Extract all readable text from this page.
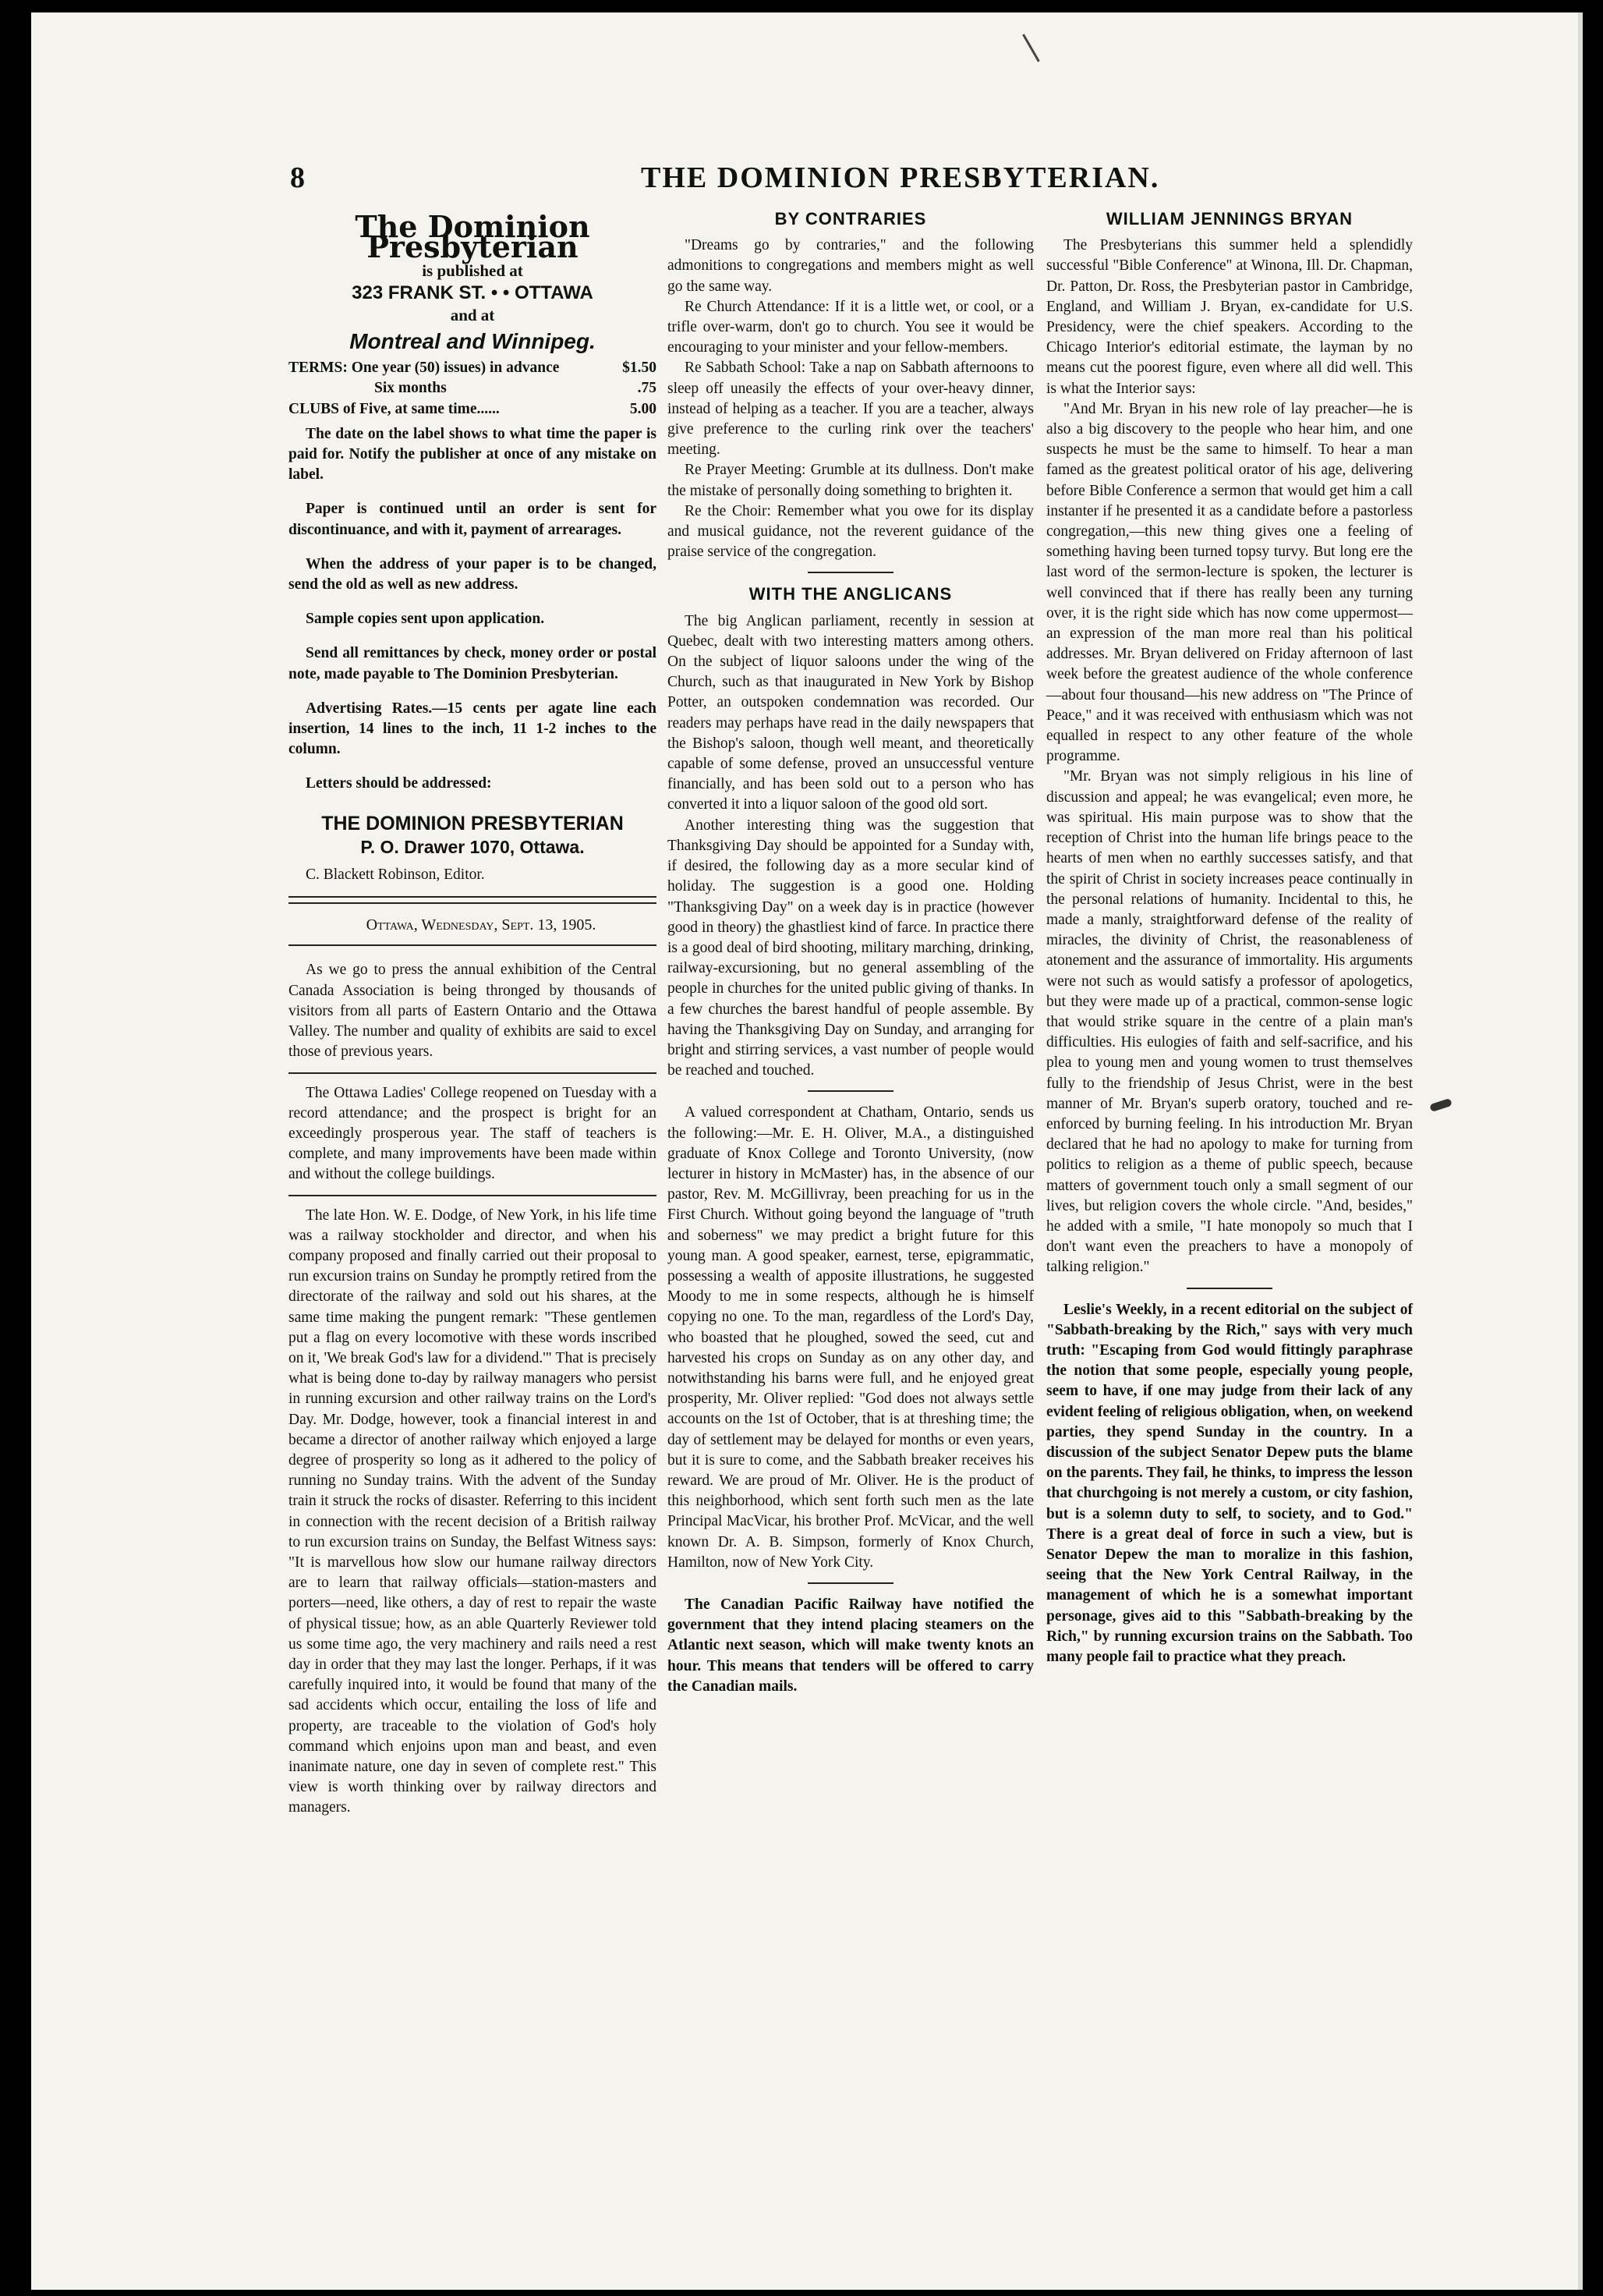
8	THE DOMINION PRESBYTERIAN.
The Dominion Presbyterian
is published at
323 FRANK ST. • • OTTAWA
and at
Montreal and Winnipeg.
TERMS: One year (50) issues) in advance	$1.50
Six months	.75
CLUBS of Five, at same time......	5.00

The date on the label shows to what time the paper is paid for. Notify the publisher at once of any mistake on label.

Paper is continued until an order is sent for discontinuance, and with it, payment of arrearages.

When the address of your paper is to be changed, send the old as well as new address.

Sample copies sent upon application.

Send all remittances by check, money order or postal note, made payable to The Dominion Presbyterian.

Advertising Rates.—15 cents per agate line each insertion, 14 lines to the inch, 11 1-2 inches to the column.

Letters should be addressed:

THE DOMINION PRESBYTERIAN
P. O. Drawer 1070, Ottawa.

C. Blackett Robinson, Editor.

Ottawa, Wednesday, Sept. 13, 1905.

As we go to press the annual exhibition of the Central Canada Association is being thronged by thousands of visitors from all parts of Eastern Ontario and the Ottawa Valley. The number and quality of exhibits are said to excel those of previous years.

The Ottawa Ladies' College reopened on Tuesday with a record attendance; and the prospect is bright for an exceedingly prosperous year. The staff of teachers is complete, and many improvements have been made within and without the college buildings.

The late Hon. W. E. Dodge, of New York, in his life time was a railway stockholder and director, and when his company proposed and finally carried out their proposal to run excursion trains on Sunday he promptly retired from the directorate of the railway and sold out his shares, at the same time making the pungent remark: "These gentlemen put a flag on every locomotive with these words inscribed on it, 'We break God's law for a dividend.'" That is precisely what is being done to-day by railway managers who persist in running excursion and other railway trains on the Lord's Day. Mr. Dodge, however, took a financial interest in and became a director of another railway which enjoyed a large degree of prosperity so long as it adhered to the policy of running no Sunday trains. With the advent of the Sunday train it struck the rocks of disaster. Referring to this incident in connection with the recent decision of a British railway to run excursion trains on Sunday, the Belfast Witness says: "It is marvellous how slow our humane railway directors are to learn that railway officials—station-masters and porters—need, like others, a day of rest to repair the waste of physical tissue; how, as an able Quarterly Reviewer told us some time ago, the very machinery and rails need a rest day in order that they may last the longer. Perhaps, if it was carefully inquired into, it would be found that many of the sad accidents which occur, entailing the loss of life and property, are traceable to the violation of God's holy command which enjoins upon man and beast, and even inanimate nature, one day in seven of complete rest." This view is worth thinking over by railway directors and managers.

BY CONTRARIES

"Dreams go by contraries," and the following admonitions to congregations and members might as well go the same way.

Re Church Attendance: If it is a little wet, or cool, or a trifle over-warm, don't go to church. You see it would be encouraging to your minister and your fellow-members.

Re Sabbath School: Take a nap on Sabbath afternoons to sleep off uneasily the effects of your over-heavy dinner, instead of helping as a teacher. If you are a teacher, always give preference to the curling rink over the teachers' meeting.

Re Prayer Meeting: Grumble at its dullness. Don't make the mistake of personally doing something to brighten it.

Re the Choir: Remember what you owe for its display and musical guidance, not the reverent guidance of the praise service of the congregation.

WITH THE ANGLICANS

The big Anglican parliament, recently in session at Quebec, dealt with two interesting matters among others. On the subject of liquor saloons under the wing of the Church, such as that inaugurated in New York by Bishop Potter, an outspoken condemnation was recorded. Our readers may perhaps have read in the daily newspapers that the Bishop's saloon, though well meant, and theoretically capable of some defense, proved an unsuccessful venture financially, and has been sold out to a person who has converted it into a liquor saloon of the good old sort.

Another interesting thing was the suggestion that Thanksgiving Day should be appointed for a Sunday with, if desired, the following day as a more secular kind of holiday. The suggestion is a good one. Holding "Thanksgiving Day" on a week day is in practice (however good in theory) the ghastliest kind of farce. In practice there is a good deal of bird shooting, military marching, drinking, railway-excursioning, but no general assembling of the people in churches for the united public giving of thanks. In a few churches the barest handful of people assemble. By having the Thanksgiving Day on Sunday, and arranging for bright and stirring services, a vast number of people would be reached and touched.

A valued correspondent at Chatham, Ontario, sends us the following:—Mr. E. H. Oliver, M.A., a distinguished graduate of Knox College and Toronto University, (now lecturer in history in McMaster) has, in the absence of our pastor, Rev. M. McGillivray, been preaching for us in the First Church. Without going beyond the language of "truth and soberness" we may predict a bright future for this young man. A good speaker, earnest, terse, epigrammatic, possessing a wealth of apposite illustrations, he suggested Moody to me in some respects, although he is himself copying no one. To the man, regardless of the Lord's Day, who boasted that he ploughed, sowed the seed, cut and harvested his crops on Sunday as on any other day, and notwithstanding his barns were full, and he enjoyed great prosperity, Mr. Oliver replied: "God does not always settle accounts on the 1st of October, that is at threshing time; the day of settlement may be delayed for months or even years, but it is sure to come, and the Sabbath breaker receives his reward. We are proud of Mr. Oliver. He is the product of this neighborhood, which sent forth such men as the late Principal MacVicar, his brother Prof. McVicar, and the well known Dr. A. B. Simpson, formerly of Knox Church, Hamilton, now of New York City.

The Canadian Pacific Railway have notified the government that they intend placing steamers on the Atlantic next season, which will make twenty knots an hour. This means that tenders will be offered to carry the Canadian mails.

WILLIAM JENNINGS BRYAN

The Presbyterians this summer held a splendidly successful "Bible Conference" at Winona, Ill. Dr. Chapman, Dr. Patton, Dr. Ross, the Presbyterian pastor in Cambridge, England, and William J. Bryan, ex-candidate for U.S. Presidency, were the chief speakers. According to the Chicago Interior's editorial estimate, the layman by no means cut the poorest figure, even where all did well. This is what the Interior says:

"And Mr. Bryan in his new role of lay preacher—he is also a big discovery to the people who hear him, and one suspects he must be the same to himself. To hear a man famed as the greatest political orator of his age, delivering before Bible Conference a sermon that would get him a call instanter if he presented it as a candidate before a pastorless congregation,—this new thing gives one a feeling of something having been turned topsy turvy. But long ere the last word of the sermon-lecture is spoken, the lecturer is well convinced that if there has really been any turning over, it is the right side which has now come uppermost—an expression of the man more real than his political addresses. Mr. Bryan delivered on Friday afternoon of last week before the greatest audience of the whole conference—about four thousand—his new address on "The Prince of Peace," and it was received with enthusiasm which was not equalled in respect to any other feature of the whole programme.

"Mr. Bryan was not simply religious in his line of discussion and appeal; he was evangelical; even more, he was spiritual. His main purpose was to show that the reception of Christ into the human life brings peace to the hearts of men when no earthly successes satisfy, and that the spirit of Christ in society increases peace continually in the personal relations of humanity. Incidental to this, he made a manly, straightforward defense of the reality of miracles, the divinity of Christ, the reasonableness of atonement and the assurance of immortality. His arguments were not such as would satisfy a professor of apologetics, but they were made up of a practical, common-sense logic that would strike square in the centre of a plain man's difficulties. His eulogies of faith and self-sacrifice, and his plea to young men and young women to trust themselves fully to the friendship of Jesus Christ, were in the best manner of Mr. Bryan's superb oratory, touched and re-enforced by burning feeling. In his introduction Mr. Bryan declared that he had no apology to make for turning from politics to religion as a theme of public speech, because matters of government touch only a small segment of our lives, but religion covers the whole circle. "And, besides," he added with a smile, "I hate monopoly so much that I don't want even the preachers to have a monopoly of talking religion."

Leslie's Weekly, in a recent editorial on the subject of "Sabbath-breaking by the Rich," says with very much truth: "Escaping from God would fittingly paraphrase the notion that some people, especially young people, seem to have, if one may judge from their lack of any evident feeling of religious obligation, when, on weekend parties, they spend Sunday in the country. In a discussion of the subject Senator Depew puts the blame on the parents. They fail, he thinks, to impress the lesson that churchgoing is not merely a custom, or city fashion, but is a solemn duty to self, to society, and to God." There is a great deal of force in such a view, but is Senator Depew the man to moralize in this fashion, seeing that the New York Central Railway, in the management of which he is a somewhat important personage, gives aid to this "Sabbath-breaking by the Rich," by running excursion trains on the Sabbath. Too many people fail to practice what they preach.
